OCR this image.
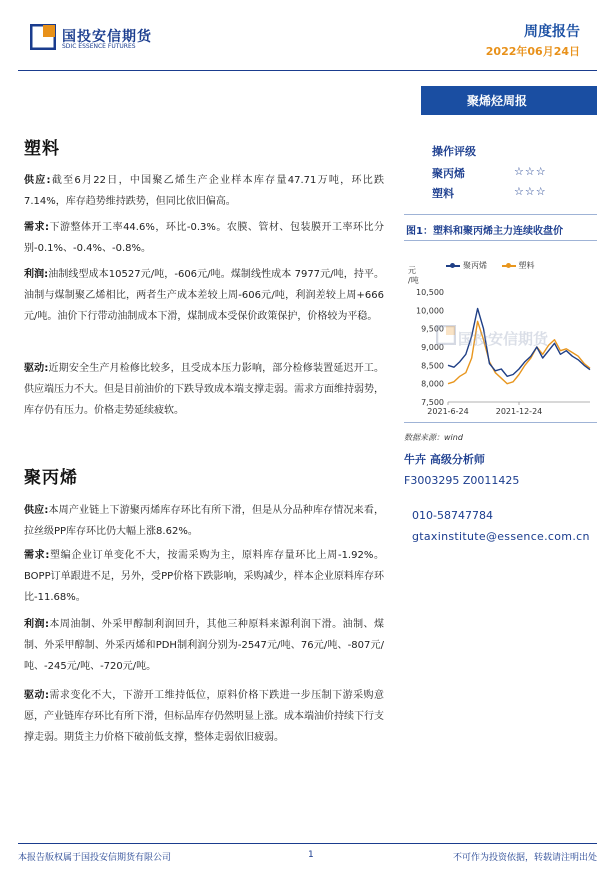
国投安信期货
SDIC ESSENCE FUTURES
周度报告
2022年06月24日
聚烯烃周报
塑料
供应:截至6月22日，中国聚乙烯生产企业样本库存量47.71万吨，环比跌7.14%，库存趋势维持跌势，但同比依旧偏高。
需求:下游整体开工率44.6%，环比-0.3%。农膜、管材、包装膜开工率环比分别-0.1%、-0.4%、-0.8%。
利润:油制线型成本10527元/吨，-606元/吨。煤制线性成本 7977元/吨，持平。油制与煤制聚乙烯相比，两者生产成本差较上周-606元/吨，利润差较上周+666元/吨。油价下行带动油制成本下滑，煤制成本受保价政策保护，价格较为平稳。
驱动:近期安全生产月检修比较多，且受成本压力影响，部分检修装置延迟开工。供应端压力不大。但是目前油价的下跌导致成本端支撑走弱。需求方面维持弱势，库存仍有压力。价格走势延续疲软。
聚丙烯
供应:本周产业链上下游聚丙烯库存环比有所下滑，但是从分品种库存情况来看，拉丝级PP库存环比仍大幅上涨8.62%。
需求:塑编企业订单变化不大，按需采购为主，原料库存量环比上周-1.92%。BOPP订单跟进不足，另外，受PP价格下跌影响，采购减少，样本企业原料库存环比-11.68%。
利润:本周油制、外采甲醇制利润回升，其他三种原料来源利润下滑。油制、煤制、外采甲醇制、外采丙烯和PDH制利润分别为-2547元/吨、76元/吨、-807元/吨、-245元/吨、-720元/吨。
驱动:需求变化不大，下游开工维持低位，原料价格下跌进一步压制下游采购意愿，产业链库存环比有所下滑，但标品库存仍然明显上涨。成本端油价持续下行支撑走弱。期货主力价格下破前低支撑，整体走弱依旧疲弱。
操作评级
聚丙烯	☆☆☆
塑料	☆☆☆
图1：塑料和聚丙烯主力连续收盘价
聚丙烯	塑料
元
/吨
7,500
8,000
8,500
9,000
9,500
10,000
10,500
2021-6-24	2021-12-24
国投安信期货
数据来源：wind
牛卉 高级分析师
F3003295 Z0011425
010-58747784
gtaxinstitute@essence.com.cn
本报告版权属于国投安信期货有限公司	1	不可作为投资依据，转载请注明出处
